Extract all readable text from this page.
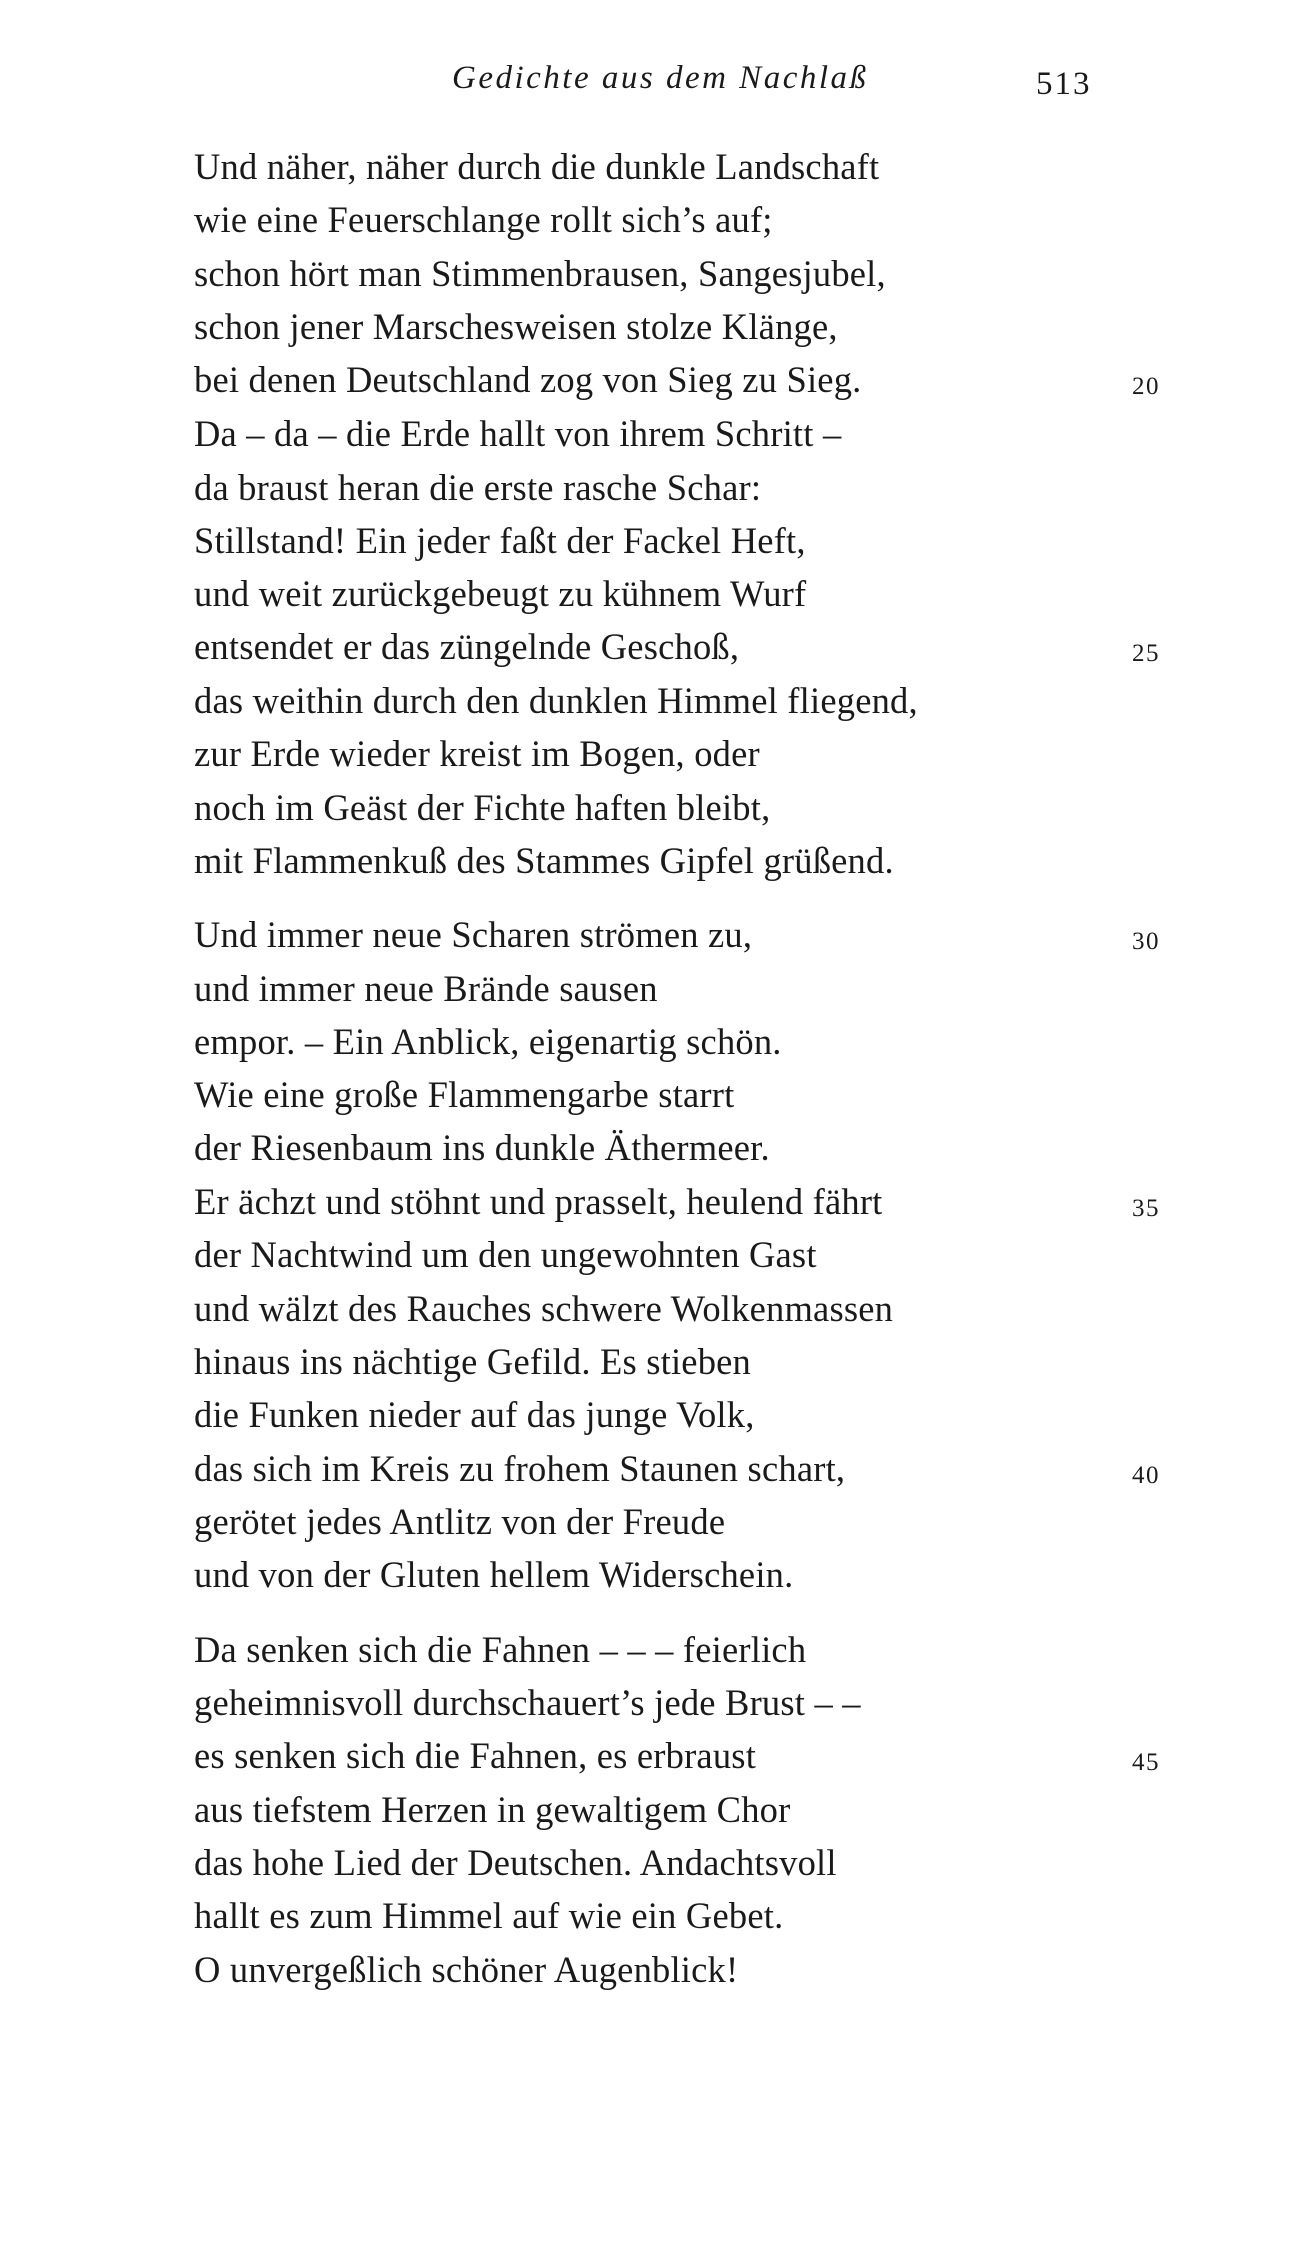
Gedichte aus dem Nachlaß	513
Und näher, näher durch die dunkle Landschaft
wie eine Feuerschlange rollt sich’s auf;
schon hört man Stimmenbrausen, Sangesjubel,
schon jener Marschesweisen stolze Klänge,
bei denen Deutschland zog von Sieg zu Sieg.
Da – da – die Erde hallt von ihrem Schritt –
da braust heran die erste rasche Schar:
Stillstand! Ein jeder faßt der Fackel Heft,
und weit zurückgebeugt zu kühnem Wurf
entsendet er das züngelnde Geschoß,
das weithin durch den dunklen Himmel fliegend,
zur Erde wieder kreist im Bogen, oder
noch im Geäst der Fichte haften bleibt,
mit Flammenkuß des Stammes Gipfel grüßend.
Und immer neue Scharen strömen zu,
und immer neue Brände sausen
empor. – Ein Anblick, eigenartig schön.
Wie eine große Flammengarbe starrt
der Riesenbaum ins dunkle Äthermeer.
Er ächzt und stöhnt und prasselt, heulend fährt
der Nachtwind um den ungewohnten Gast
und wälzt des Rauches schwere Wolkenmassen
hinaus ins nächtige Gefild. Es stieben
die Funken nieder auf das junge Volk,
das sich im Kreis zu frohem Staunen schart,
gerötet jedes Antlitz von der Freude
und von der Gluten hellem Widerschein.
Da senken sich die Fahnen – – – feierlich
geheimnisvoll durchschauert’s jede Brust – –
es senken sich die Fahnen, es erbraust
aus tiefstem Herzen in gewaltigem Chor
das hohe Lied der Deutschen. Andachtsvoll
hallt es zum Himmel auf wie ein Gebet.
O unvergeßlich schöner Augenblick!
20
25
30
35
40
45
